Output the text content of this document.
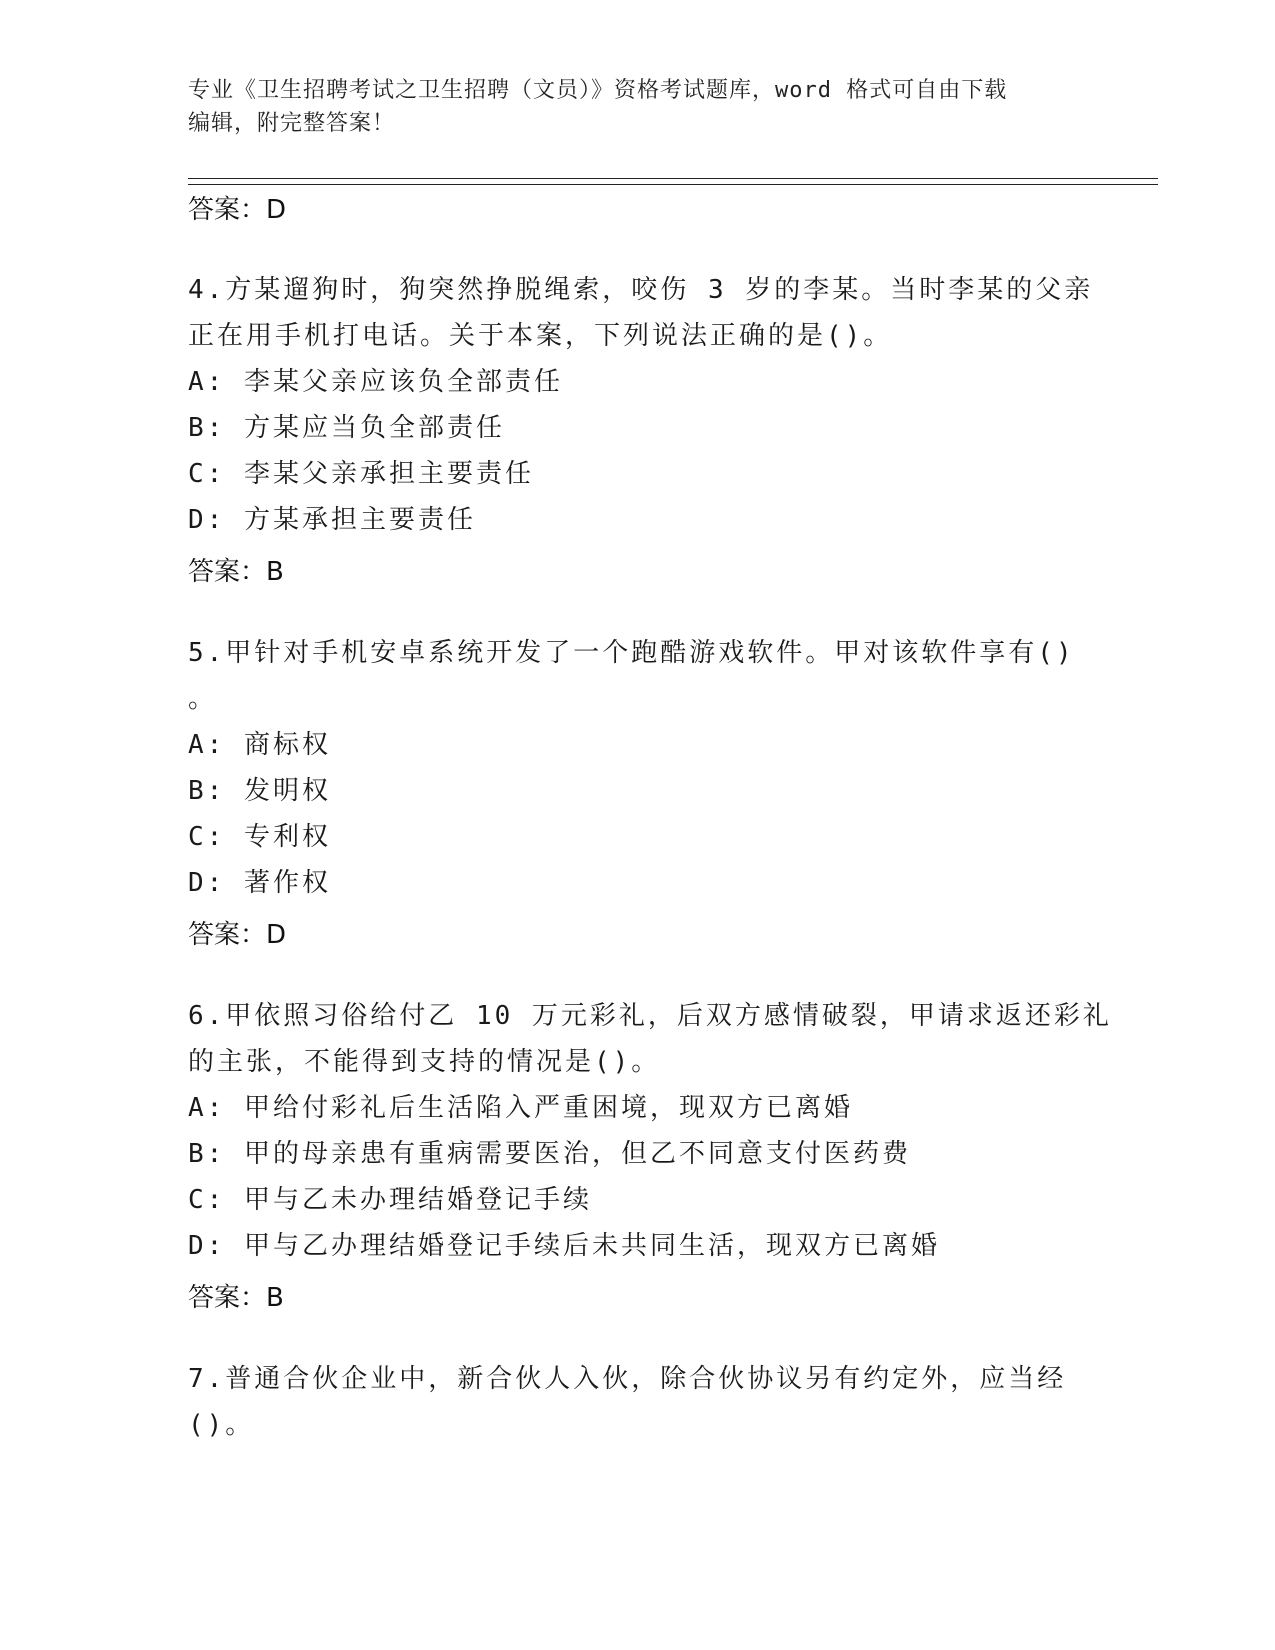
专业《卫生招聘考试之卫生招聘（文员）》资格考试题库，word 格式可自由下载
编辑，附完整答案！
答案：D
4.方某遛狗时，狗突然挣脱绳索，咬伤 3 岁的李某。当时李某的父亲
正在用手机打电话。关于本案，下列说法正确的是()。
A: 李某父亲应该负全部责任
B: 方某应当负全部责任
C: 李某父亲承担主要责任
D: 方某承担主要责任
答案：B
5.甲针对手机安卓系统开发了一个跑酷游戏软件。甲对该软件享有()
。
A: 商标权
B: 发明权
C: 专利权
D: 著作权
答案：D
6.甲依照习俗给付乙 10 万元彩礼，后双方感情破裂，甲请求返还彩礼
的主张，不能得到支持的情况是()。
A: 甲给付彩礼后生活陷入严重困境，现双方已离婚
B: 甲的母亲患有重病需要医治，但乙不同意支付医药费
C: 甲与乙未办理结婚登记手续
D: 甲与乙办理结婚登记手续后未共同生活，现双方已离婚
答案：B
7.普通合伙企业中，新合伙人入伙，除合伙协议另有约定外，应当经
()。
